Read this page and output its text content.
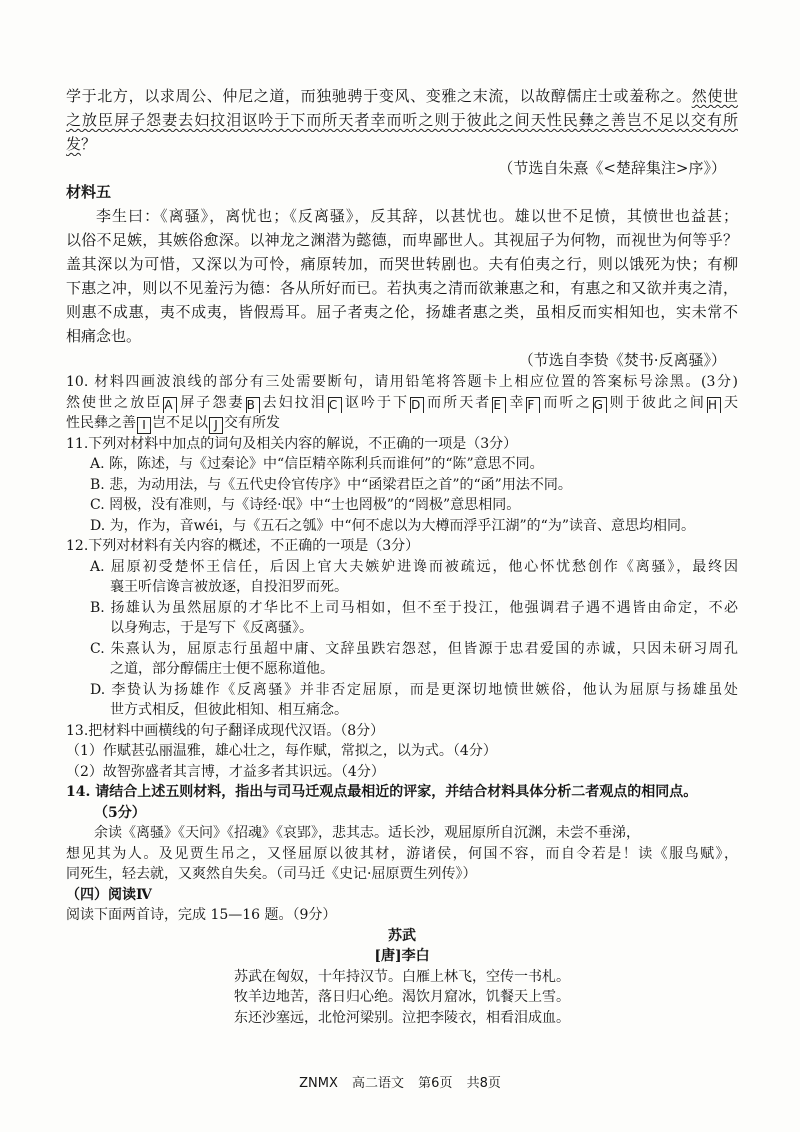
学于北方，以求周公、仲尼之道，而独驰骋于变风、变雅之末流，以故醇儒庄士或羞称之。然使世
之放臣屏子怨妻去妇抆泪讴吟于下而所天者幸而听之则于彼此之间天性民彝之善岂不足以交有所
发？
（节选自朱熹《<楚辞集注>序》）
材料五
李生曰：《离骚》，离忧也；《反离骚》，反其辞，以甚忧也。雄以世不足愤，其愤世也益甚；
以俗不足嫉，其嫉俗愈深。以神龙之渊潜为懿德，而卑鄙世人。其视屈子为何物，而视世为何等乎？
盖其深以为可惜，又深以为可怜，痛原转加，而哭世转剧也。夫有伯夷之行，则以饿死为快；有柳
下惠之冲，则以不见羞污为德：各从所好而已。若执夷之清而欲兼惠之和，有惠之和又欲并夷之清，
则惠不成惠，夷不成夷，皆假焉耳。屈子者夷之伦，扬雄者惠之类，虽相反而实相知也，实未常不
相痛念也。
（节选自李贽《焚书·反离骚》）
10. 材料四画波浪线的部分有三处需要断句，请用铅笔将答题卡上相应位置的答案标号涂黑。(3分)
然使世之放臣 A 屏子怨妻 B 去妇抆泪 C 讴吟于下 D 而所天者 E 幸 F 而听之 G 则于彼此之间 H 天
性民彝之善 I 岂不足以 J 交有所发
11.下列对材料中加点的词句及相关内容的解说，不正确的一项是（3分）
A. 陈，陈述，与《过秦论》中“信臣精卒陈利兵而谁何”的“陈”意思不同。
B. 悲，为动用法，与《五代史伶官传序》中“函梁君臣之首”的“函”用法不同。
C. 罔极，没有准则，与《诗经·氓》中“士也罔极”的“罔极”意思相同。
D. 为，作为，音wéi，与《五石之瓠》中“何不虑以为大樽而浮乎江湖”的“为”读音、意思均相同。
12.下列对材料有关内容的概述，不正确的一项是（3分）
A. 屈原初受楚怀王信任，后因上官大夫嫉妒进谗而被疏远，他心怀忧愁创作《离骚》，最终因
襄王听信谗言被放逐，自投汨罗而死。
B. 扬雄认为虽然屈原的才华比不上司马相如，但不至于投江，他强调君子遇不遇皆由命定，不必
以身殉志，于是写下《反离骚》。
C. 朱熹认为，屈原志行虽超中庸、文辞虽跌宕怨怼，但皆源于忠君爱国的赤诚，只因未研习周孔
之道，部分醇儒庄士便不愿称道他。
D. 李贽认为扬雄作《反离骚》并非否定屈原，而是更深切地愤世嫉俗，他认为屈原与扬雄虽处
世方式相反，但彼此相知、相互痛念。
13.把材料中画横线的句子翻译成现代汉语。（8分）
（1）作赋甚弘丽温雅，雄心壮之，每作赋，常拟之，以为式。（4分）
（2）故智弥盛者其言博，才益多者其识远。（4分）
14. 请结合上述五则材料，指出与司马迁观点最相近的评家，并结合材料具体分析二者观点的相同点。
（5分）
余读《离骚》《天问》《招魂》《哀郢》，悲其志。适长沙，观屈原所自沉渊，未尝不垂涕，
想见其为人。及见贾生吊之，又怪屈原以彼其材，游诸侯，何国不容，而自令若是！读《服鸟赋》，
同死生，轻去就，又爽然自失矣。（司马迁《史记·屈原贾生列传》）
（四）阅读Ⅳ
阅读下面两首诗，完成 15—16 题。（9分）
苏武
[唐]李白
苏武在匈奴，十年持汉节。白雁上林飞，空传一书札。
牧羊边地苦，落日归心绝。渴饮月窟冰，饥餐天上雪。
东还沙塞远，北怆河梁别。泣把李陵衣，相看泪成血。
ZNMX 高二语文 第6页 共8页
